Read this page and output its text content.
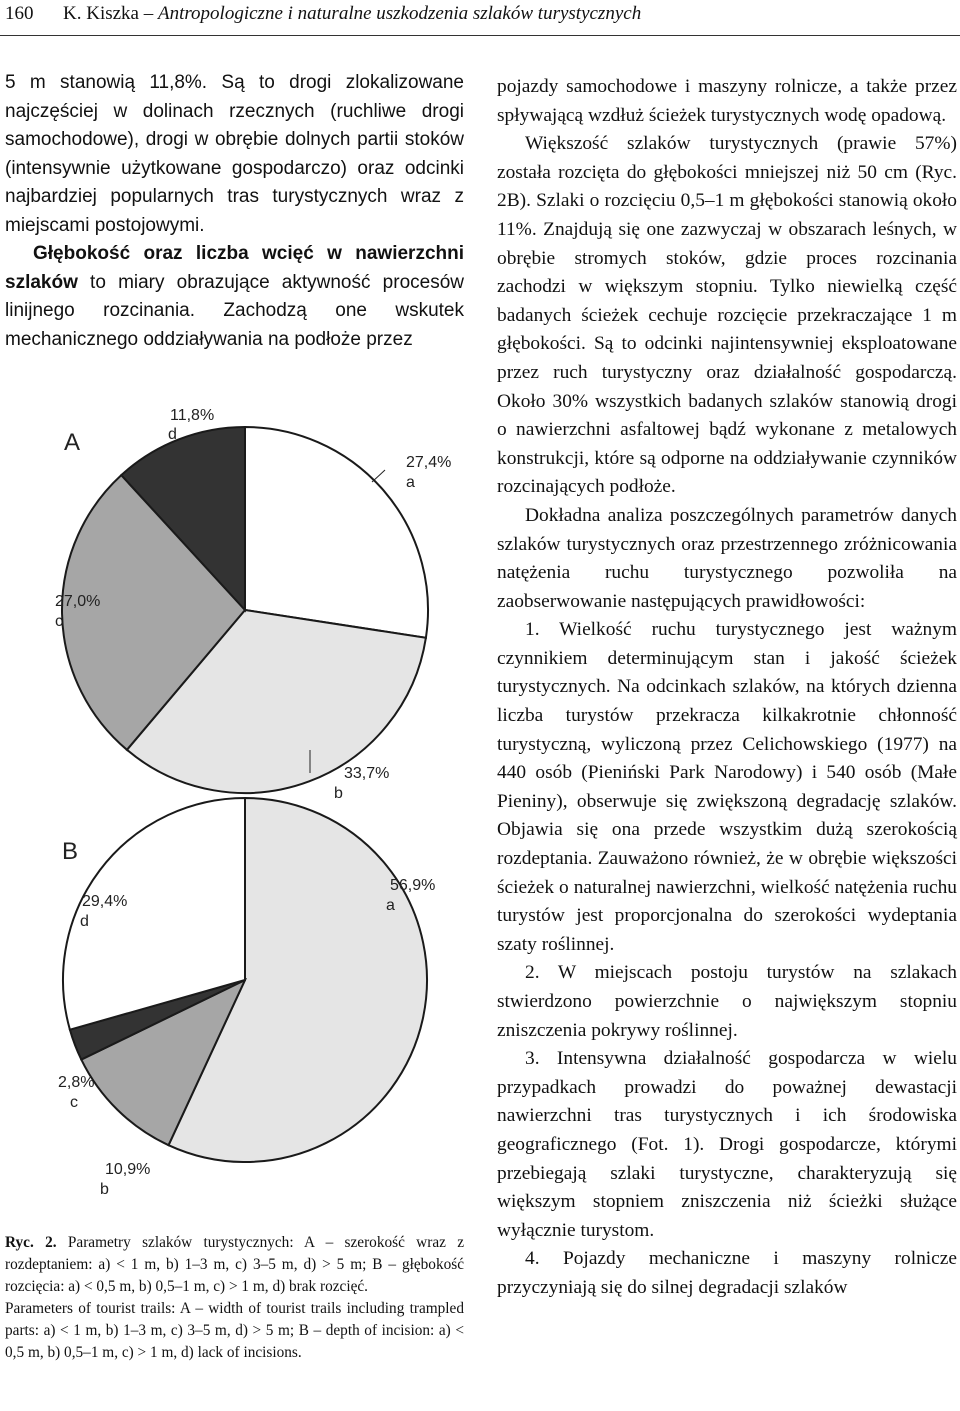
160 K. Kiszka – Antropologiczne i naturalne uszkodzenia szlaków turystycznych

5 m stanowią 11,8%. Są to drogi zlokalizowane najczęściej w dolinach rzecznych (ruchliwe drogi samochodowe), drogi w obrębie dolnych partii stoków (intensywnie użytkowane gospodarczo) oraz odcinki najbardziej popularnych tras turystycznych wraz z miejscami postojowymi.

Głębokość oraz liczba wcięć w nawierzchni szlaków to miary obrazujące aktywność procesów linijnego rozcinania. Zachodzą one wskutek mechanicznego oddziaływania na podłoże przez

27,4%
a
33,7%
b
27,0%
c
11,8%
d
56,9%
a
10,9%
b
2,8%
c
29,4%
d
A
B

Ryc. 2. Parametry szlaków turystycznych: A – szerokość wraz z rozdeptaniem: a) < 1 m, b) 1–3 m, c) 3–5 m, d) > 5 m; B – głębokość rozcięcia: a) < 0,5 m, b) 0,5–1 m, c) > 1 m, d) brak rozcięć.

Parameters of tourist trails: A – width of tourist trails including trampled parts: a) < 1 m, b) 1–3 m, c) 3–5 m, d) > 5 m; B – depth of incision: a) < 0,5 m, b) 0,5–1 m, c) > 1 m, d) lack of incisions.

pojazdy samochodowe i maszyny rolnicze, a także przez spływającą wzdłuż ścieżek turystycznych wodę opadową.

Większość szlaków turystycznych (prawie 57%) została rozcięta do głębokości mniejszej niż 50 cm (Ryc. 2B). Szlaki o rozcięciu 0,5–1 m głębokości stanowią około 11%. Znajdują się one zazwyczaj w obszarach leśnych, w obrębie stromych stoków, gdzie proces rozcinania zachodzi w większym stopniu. Tylko niewielką część badanych ścieżek cechuje rozcięcie przekraczające 1 m głębokości. Są to odcinki najintensywniej eksploatowane przez ruch turystyczny oraz działalność gospodarczą. Około 30% wszystkich badanych szlaków stanowią drogi o nawierzchni asfaltowej bądź wykonane z metalowych konstrukcji, które są odporne na oddziaływanie czynników rozcinających podłoże.

Dokładna analiza poszczególnych parametrów danych szlaków turystycznych oraz przestrzennego zróżnicowania natężenia ruchu turystycznego pozwoliła na zaobserwowanie następujących prawidłowości:

1. Wielkość ruchu turystycznego jest ważnym czynnikiem determinującym stan i jakość ścieżek turystycznych. Na odcinkach szlaków, na których dzienna liczba turystów przekracza kilkakrotnie chłonność turystyczną, wyliczoną przez Celichowskiego (1977) na 440 osób (Pieniński Park Narodowy) i 540 osób (Małe Pieniny), obserwuje się zwiększoną degradację szlaków. Objawia się ona przede wszystkim dużą szerokością rozdeptania. Zauważono również, że w obrębie większości ścieżek o naturalnej nawierzchni, wielkość natężenia ruchu turystów jest proporcjonalna do szerokości wydeptania szaty roślinnej.

2. W miejscach postoju turystów na szlakach stwierdzono powierzchnie o największym stopniu zniszczenia pokrywy roślinnej.

3. Intensywna działalność gospodarcza w wielu przypadkach prowadzi do poważnej dewastacji nawierzchni tras turystycznych i ich środowiska geograficznego (Fot. 1). Drogi gospodarcze, którymi przebiegają szlaki turystyczne, charakteryzują się większym stopniem zniszczenia niż ścieżki służące wyłącznie turystom.

4. Pojazdy mechaniczne i maszyny rolnicze przyczyniają się do silnej degradacji szlaków
